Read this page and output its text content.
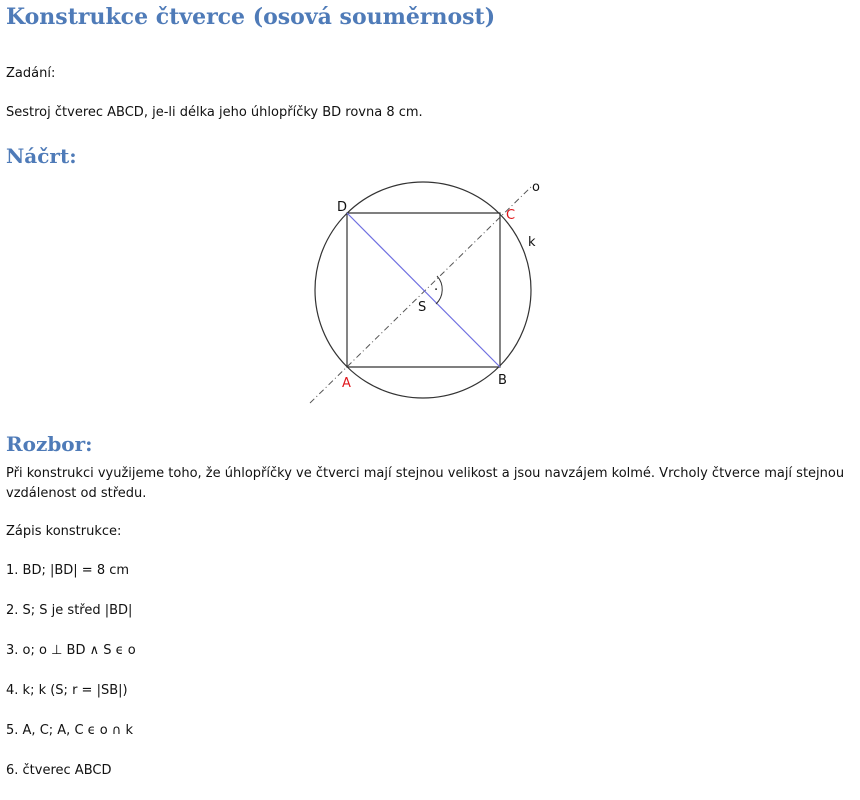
Konstrukce čtverce (osová souměrnost)

Zadání:

Sestroj čtverec ABCD, je-li délka jeho úhlopříčky BD rovna 8 cm.

Náčrt:
·
D
C
A	B
S
k
o
Rozbor:

Při konstrukci využijeme toho, že úhlopříčky ve čtverci mají stejnou velikost a jsou navzájem kolmé. Vrcholy čtverce mají stejnou vzdálenost od středu.

Zápis konstrukce:

1. BD; |BD| = 8 cm

2. S; S je střed |BD|

3. o; o ⊥ BD ∧ S ϵ o

4. k; k (S; r = |SB|)

5. A, C; A, C ϵ o ∩ k

6. čtverec ABCD
